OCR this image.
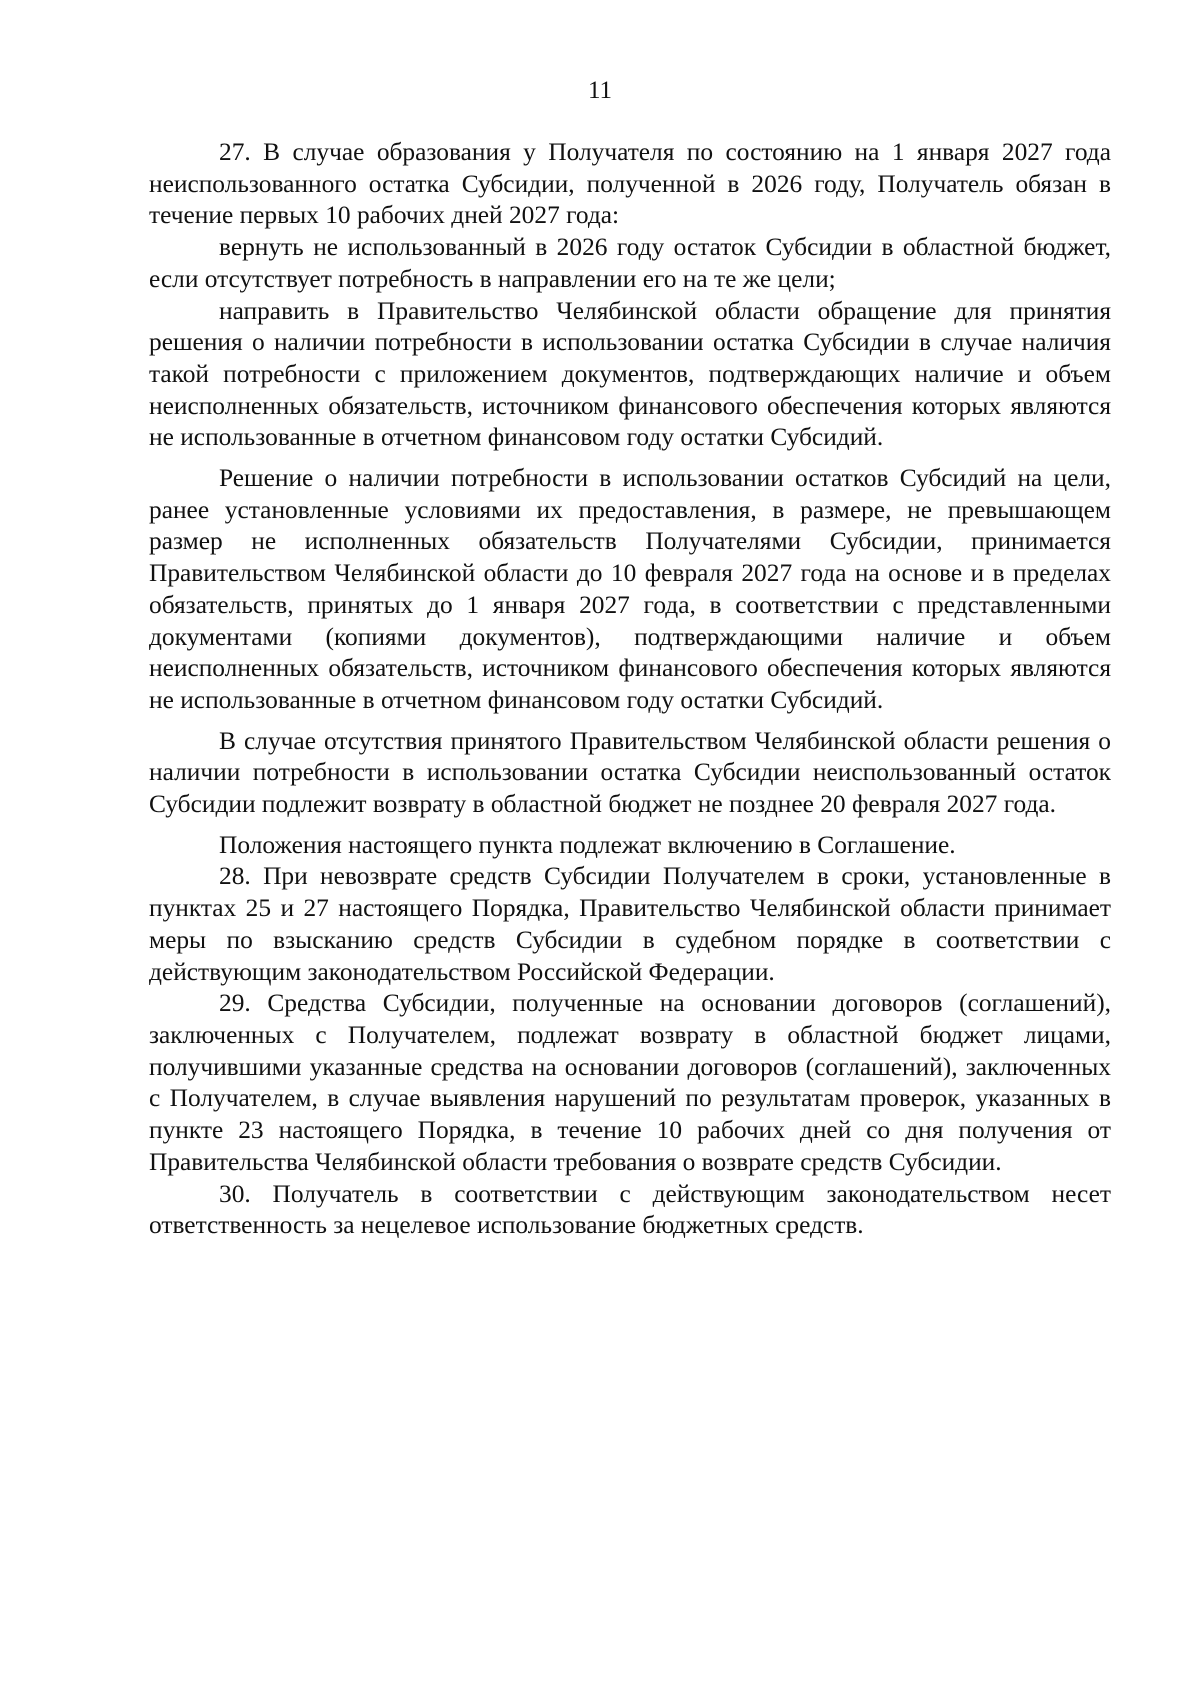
11

27. В случае образования у Получателя по состоянию на 1 января 2027 года неиспользованного остатка Субсидии, полученной в 2026 году, Получатель обязан в течение первых 10 рабочих дней 2027 года:

вернуть не использованный в 2026 году остаток Субсидии в областной бюджет, если отсутствует потребность в направлении его на те же цели;

направить в Правительство Челябинской области обращение для принятия решения о наличии потребности в использовании остатка Субсидии в случае наличия такой потребности с приложением документов, подтверждающих наличие и объем неисполненных обязательств, источником финансового обеспечения которых являются не использованные в отчетном финансовом году остатки Субсидий.

Решение о наличии потребности в использовании остатков Субсидий на цели, ранее установленные условиями их предоставления, в размере, не превышающем размер не исполненных обязательств Получателями Субсидии, принимается Правительством Челябинской области до 10 февраля 2027 года на основе и в пределах обязательств, принятых до 1 января 2027 года, в соответствии с представленными документами (копиями документов), подтверждающими наличие и объем неисполненных обязательств, источником финансового обеспечения которых являются не использованные в отчетном финансовом году остатки Субсидий.

В случае отсутствия принятого Правительством Челябинской области решения о наличии потребности в использовании остатка Субсидии неиспользованный остаток Субсидии подлежит возврату в областной бюджет не позднее 20 февраля 2027 года.

Положения настоящего пункта подлежат включению в Соглашение.

28. При невозврате средств Субсидии Получателем в сроки, установленные в пунктах 25 и 27 настоящего Порядка, Правительство Челябинской области принимает меры по взысканию средств Субсидии в судебном порядке в соответствии с действующим законодательством Российской Федерации.

29. Средства Субсидии, полученные на основании договоров (соглашений), заключенных с Получателем, подлежат возврату в областной бюджет лицами, получившими указанные средства на основании договоров (соглашений), заключенных с Получателем, в случае выявления нарушений по результатам проверок, указанных в пункте 23 настоящего Порядка, в течение 10 рабочих дней со дня получения от Правительства Челябинской области требования о возврате средств Субсидии.

30. Получатель в соответствии с действующим законодательством несет ответственность за нецелевое использование бюджетных средств.
